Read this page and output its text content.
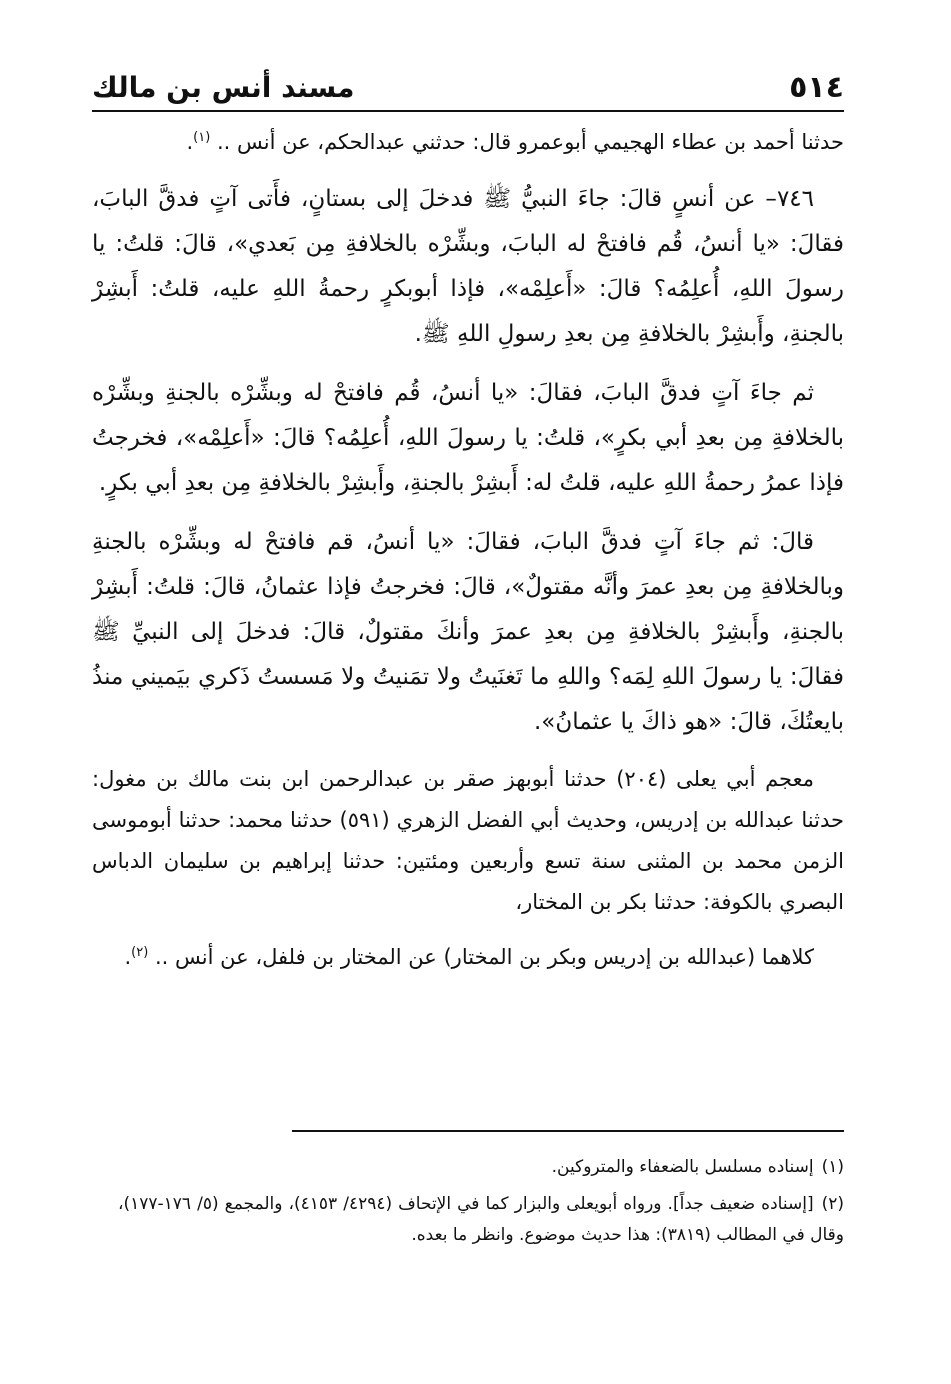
٥١٤
مسند أنس بن مالك

حدثنا أحمد بن عطاء الهجيمي أبوعمرو قال: حدثني عبدالحكم، عن أنس .. $^{(١)}$.

٧٤٦– عن أنسٍ قالَ: جاءَ النبيُّ ﷺ فدخلَ إلى بستانٍ، فأَتى آتٍ فدقَّ البابَ، فقالَ: «يا أنسُ، قُم فافتحْ له البابَ، وبشِّرْه بالخلافةِ مِن بَعدي»، قالَ: قلتُ: يا رسولَ اللهِ، أُعلِمُه؟ قالَ: «أَعلِمْه»، فإذا أبوبكرٍ رحمةُ اللهِ عليه، قلتُ: أَبشِرْ بالجنةِ، وأَبشِرْ بالخلافةِ مِن بعدِ رسولِ اللهِ ﷺ.

ثم جاءَ آتٍ فدقَّ البابَ، فقالَ: «يا أنسُ، قُم فافتحْ له وبشِّرْه بالجنةِ وبشِّرْه بالخلافةِ مِن بعدِ أبي بكرٍ»، قلتُ: يا رسولَ اللهِ، أُعلِمُه؟ قالَ: «أَعلِمْه»، فخرجتُ فإذا عمرُ رحمةُ اللهِ عليه، قلتُ له: أَبشِرْ بالجنةِ، وأَبشِرْ بالخلافةِ مِن بعدِ أبي بكرٍ.

قالَ: ثم جاءَ آتٍ فدقَّ البابَ، فقالَ: «يا أنسُ، قم فافتحْ له وبشِّرْه بالجنةِ وبالخلافةِ مِن بعدِ عمرَ وأنَّه مقتولٌ»، قالَ: فخرجتُ فإذا عثمانُ، قالَ: قلتُ: أَبشِرْ بالجنةِ، وأَبشِرْ بالخلافةِ مِن بعدِ عمرَ وأنكَ مقتولٌ، قالَ: فدخلَ إلى النبيِّ ﷺ فقالَ: يا رسولَ اللهِ لِمَه؟ واللهِ ما تَغنَيتُ ولا تمَنيتُ ولا مَسستُ ذَكري بيَميني منذُ بايعتُكَ، قالَ: «هو ذاكَ يا عثمانُ».

معجم أبي يعلى (٢٠٤) حدثنا أبوبهز صقر بن عبدالرحمن ابن بنت مالك بن مغول: حدثنا عبدالله بن إدريس، وحديث أبي الفضل الزهري (٥٩١) حدثنا محمد: حدثنا أبوموسى الزمن محمد بن المثنى سنة تسع وأربعين ومئتين: حدثنا إبراهيم بن سليمان الدباس البصري بالكوفة: حدثنا بكر بن المختار،

كلاهما (عبدالله بن إدريس وبكر بن المختار) عن المختار بن فلفل، عن أنس .. $^{(٢)}$.

(١)إسناده مسلسل بالضعفاء والمتروكين.

(٢)[إسناده ضعيف جداً]. ورواه أبويعلى والبزار كما في الإتحاف (٤٢٩٤/ ٤١٥٣)، والمجمع (٥/ ١٧٦-١٧٧)، وقال في المطالب (٣٨١٩): هذا حديث موضوع. وانظر ما بعده.
